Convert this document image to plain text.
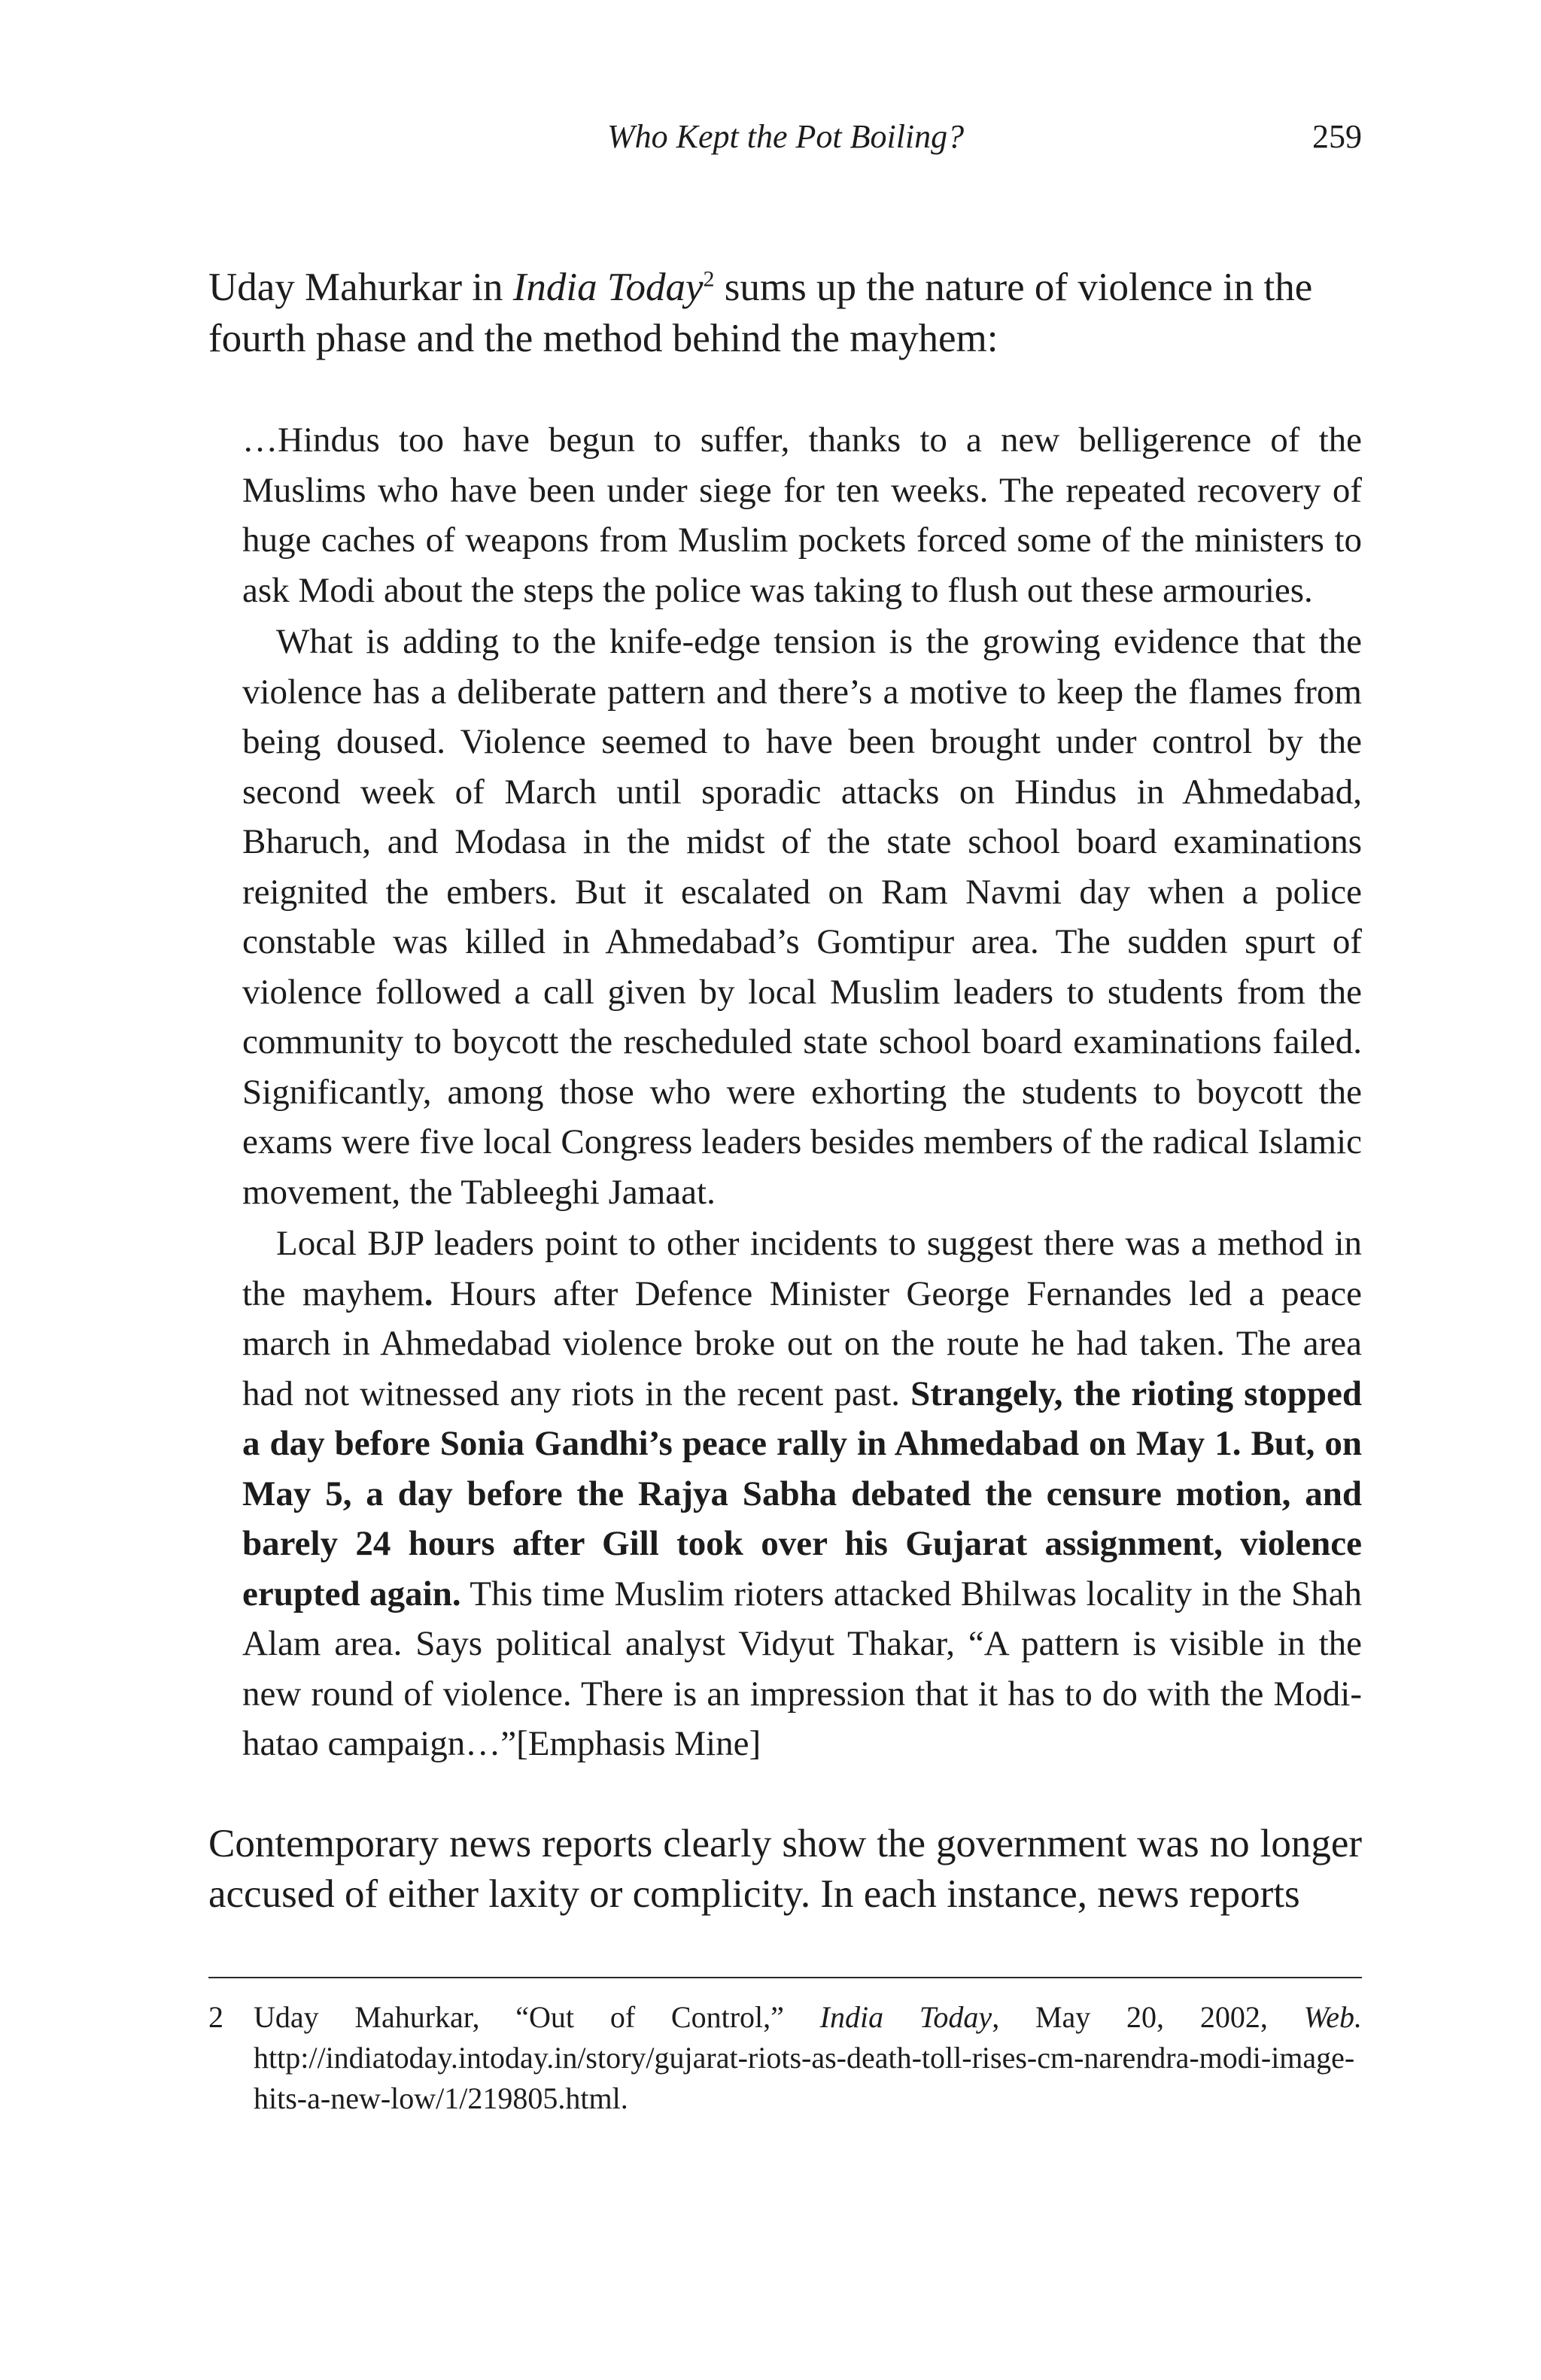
Who Kept the Pot Boiling?	259

Uday Mahurkar in India Today$^2$ sums up the nature of violence in the fourth phase and the method behind the mayhem:

…Hindus too have begun to suffer, thanks to a new belligerence of the Muslims who have been under siege for ten weeks. The repeated recovery of huge caches of weapons from Muslim pockets forced some of the ministers to ask Modi about the steps the police was taking to flush out these armouries.

What is adding to the knife-edge tension is the growing evidence that the violence has a deliberate pattern and there’s a motive to keep the flames from being doused. Violence seemed to have been brought under control by the second week of March until sporadic attacks on Hindus in Ahmedabad, Bharuch, and Modasa in the midst of the state school board examinations reignited the embers. But it escalated on Ram Navmi day when a police constable was killed in Ahmedabad’s Gomtipur area. The sudden spurt of violence followed a call given by local Muslim leaders to students from the community to boycott the rescheduled state school board examinations failed. Significantly, among those who were exhorting the students to boycott the exams were five local Congress leaders besides members of the radical Islamic movement, the Tableeghi Jamaat.

Local BJP leaders point to other incidents to suggest there was a method in the mayhem. Hours after Defence Minister George Fernandes led a peace march in Ahmedabad violence broke out on the route he had taken. The area had not witnessed any riots in the recent past. Strangely, the rioting stopped a day before Sonia Gandhi’s peace rally in Ahmedabad on May 1. But, on May 5, a day before the Rajya Sabha debated the censure motion, and barely 24 hours after Gill took over his Gujarat assignment, violence erupted again. This time Muslim rioters attacked Bhilwas locality in the Shah Alam area. Says political analyst Vidyut Thakar, “A pattern is visible in the new round of violence. There is an impression that it has to do with the Modi-hatao campaign…”[Emphasis Mine]

Contemporary news reports clearly show the government was no longer accused of either laxity or complicity. In each instance, news reports

2 Uday Mahurkar, “Out of Control,” India Today, May 20, 2002, Web. http://indiatoday.intoday.in/story/gujarat-riots-as-death-toll-rises-cm-narendra-modi-image-hits-a-new-low/1/219805.html.
